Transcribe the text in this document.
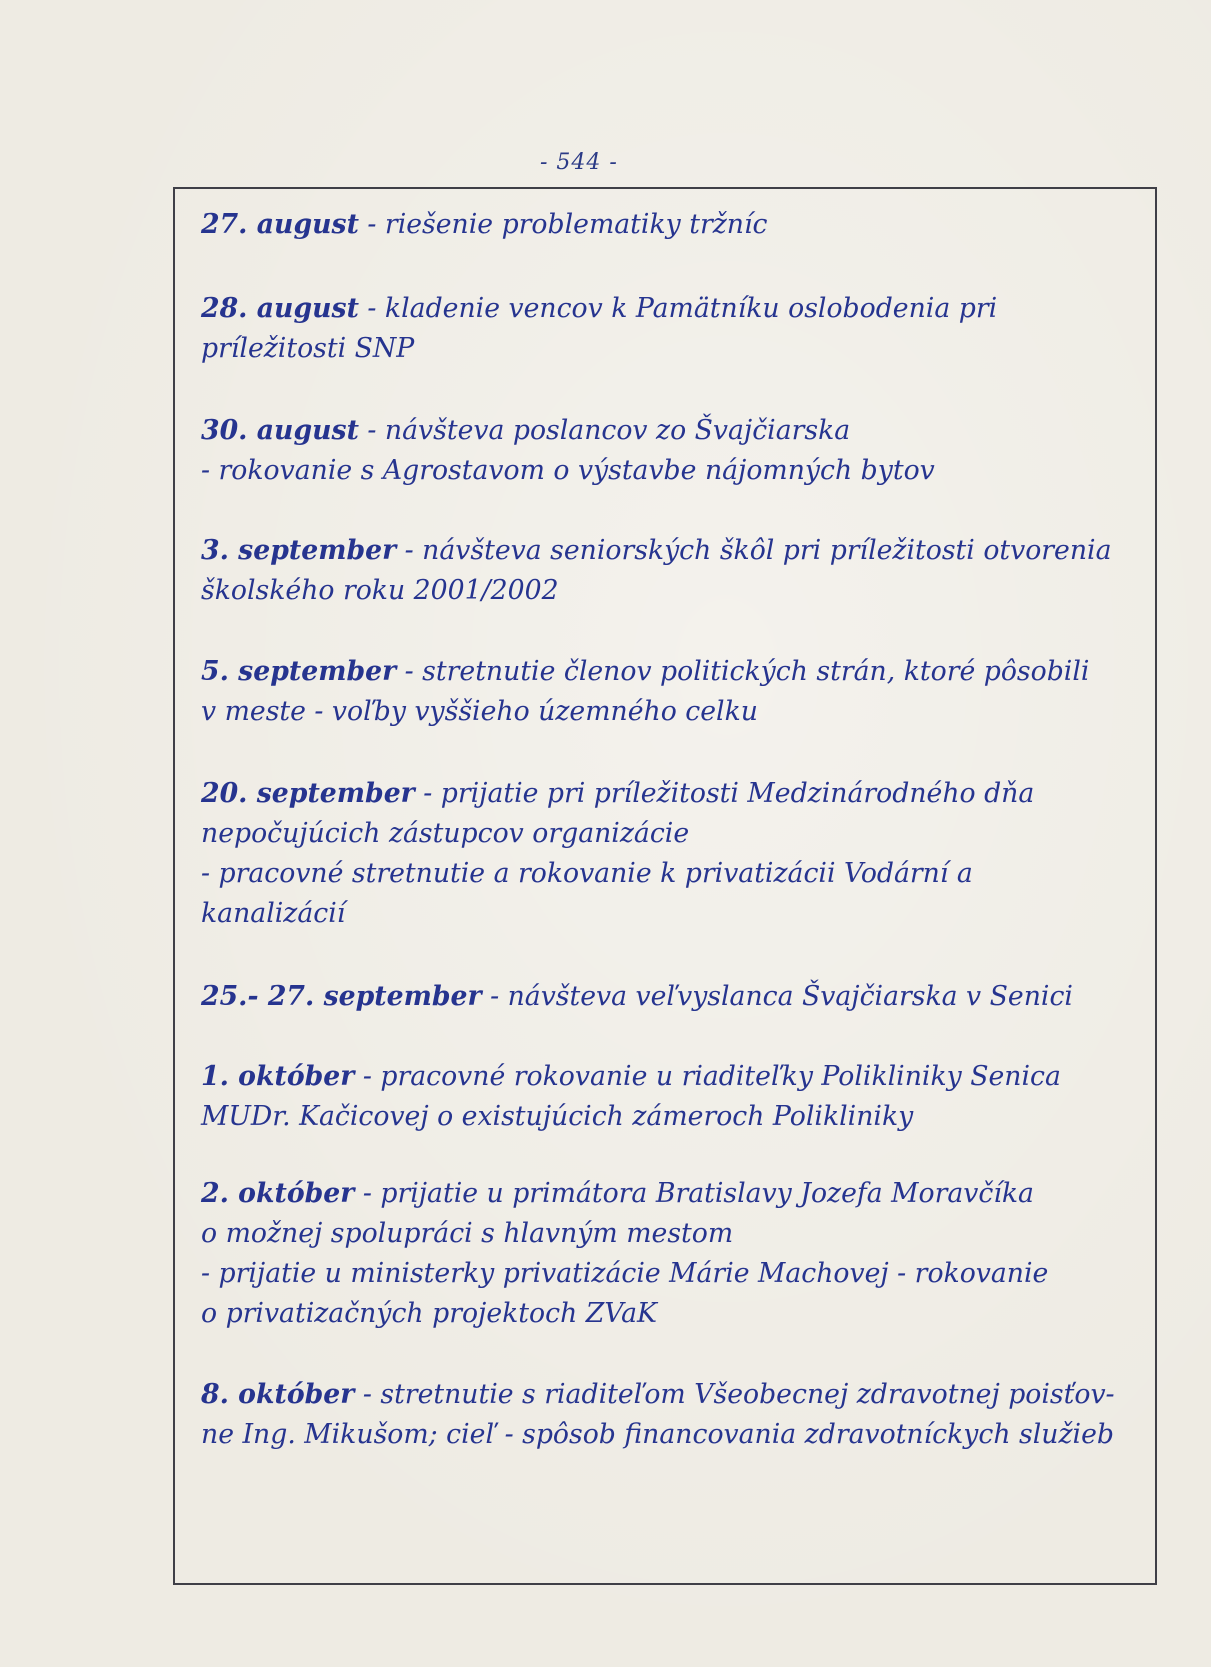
- 544 -
27. august - riešenie problematiky tržníc
28. august - kladenie vencov k Pamätníku oslobodenia pri
príležitosti SNP
30. august - návšteva poslancov zo Švajčiarska
- rokovanie s Agrostavom o výstavbe nájomných bytov
3. september - návšteva seniorských škôl pri príležitosti otvorenia
školského roku 2001/2002
5. september - stretnutie členov politických strán, ktoré pôsobili
v meste - voľby vyššieho územného celku
20. september - prijatie pri príležitosti Medzinárodného dňa
nepočujúcich zástupcov organizácie
- pracovné stretnutie a rokovanie k privatizácii Vodární a
kanalizácií
25.- 27. september - návšteva veľvyslanca Švajčiarska v Senici
1. október - pracovné rokovanie u riaditeľky Polikliniky Senica
MUDr. Kačicovej o existujúcich zámeroch Polikliniky
2. október - prijatie u primátora Bratislavy Jozefa Moravčíka
o možnej spolupráci s hlavným mestom
- prijatie u ministerky privatizácie Márie Machovej - rokovanie
o privatizačných projektoch ZVaK
8. október - stretnutie s riaditeľom Všeobecnej zdravotnej poisťov-
ne Ing. Mikušom; cieľ - spôsob financovania zdravotníckych služieb
